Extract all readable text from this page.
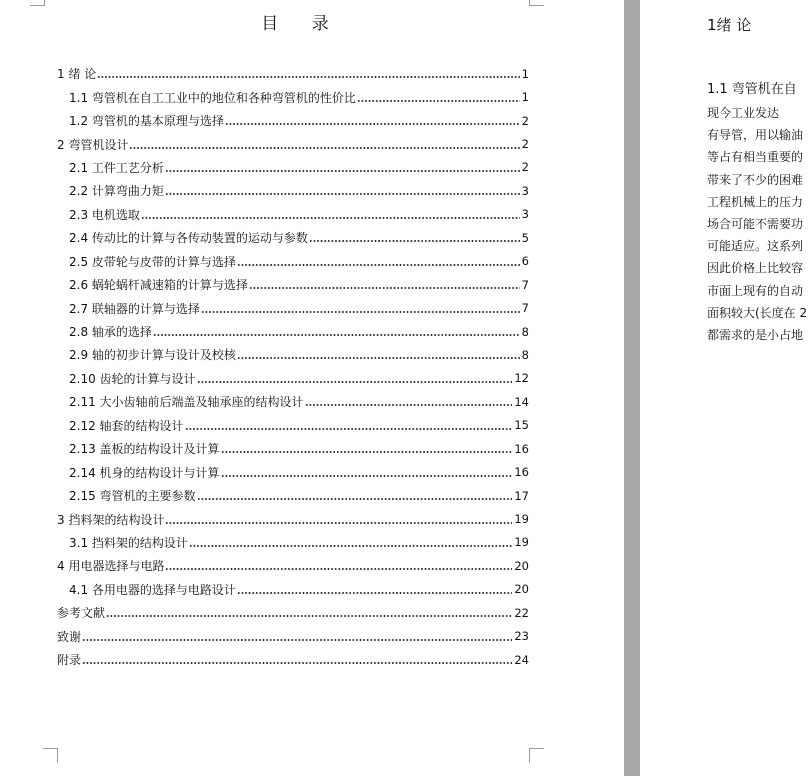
目 录
1 绪 论	1
1.1 弯管机在自工工业中的地位和各种弯管机的性价比	1
1.2 弯管机的基本原理与选择	2
2 弯管机设计	2
2.1 工件工艺分析	2
2.2 计算弯曲力矩	3
2.3 电机选取	3
2.4 传动比的计算与各传动装置的运动与参数	5
2.5 皮带轮与皮带的计算与选择	6
2.6 蜗轮蜗杆减速箱的计算与选择	7
2.7 联轴器的计算与选择	7
2.8 轴承的选择	8
2.9 轴的初步计算与设计及校核	8
2.10 齿轮的计算与设计	12
2.11 大小齿轴前后端盖及轴承座的结构设计	14
2.12 轴套的结构设计	15
2.13 盖板的结构设计及计算	16
2.14 机身的结构设计与计算	16
2.15 弯管机的主要参数	17
3 挡料架的结构设计	19
3.1 挡料架的结构设计	19
4 用电器选择与电路	20
4.1 各用电器的选择与电路设计	20
参考文献	22
致谢	23
附录	24
1绪 论
1.1 弯管机在自
现今工业发达
有导管，用以输油
等占有相当重要的
带来了不少的困难
工程机械上的压力
场合可能不需要功
可能适应。这系列
因此价格上比较容
市面上现有的自动
面积较大(长度在 2
都需求的是小占地
